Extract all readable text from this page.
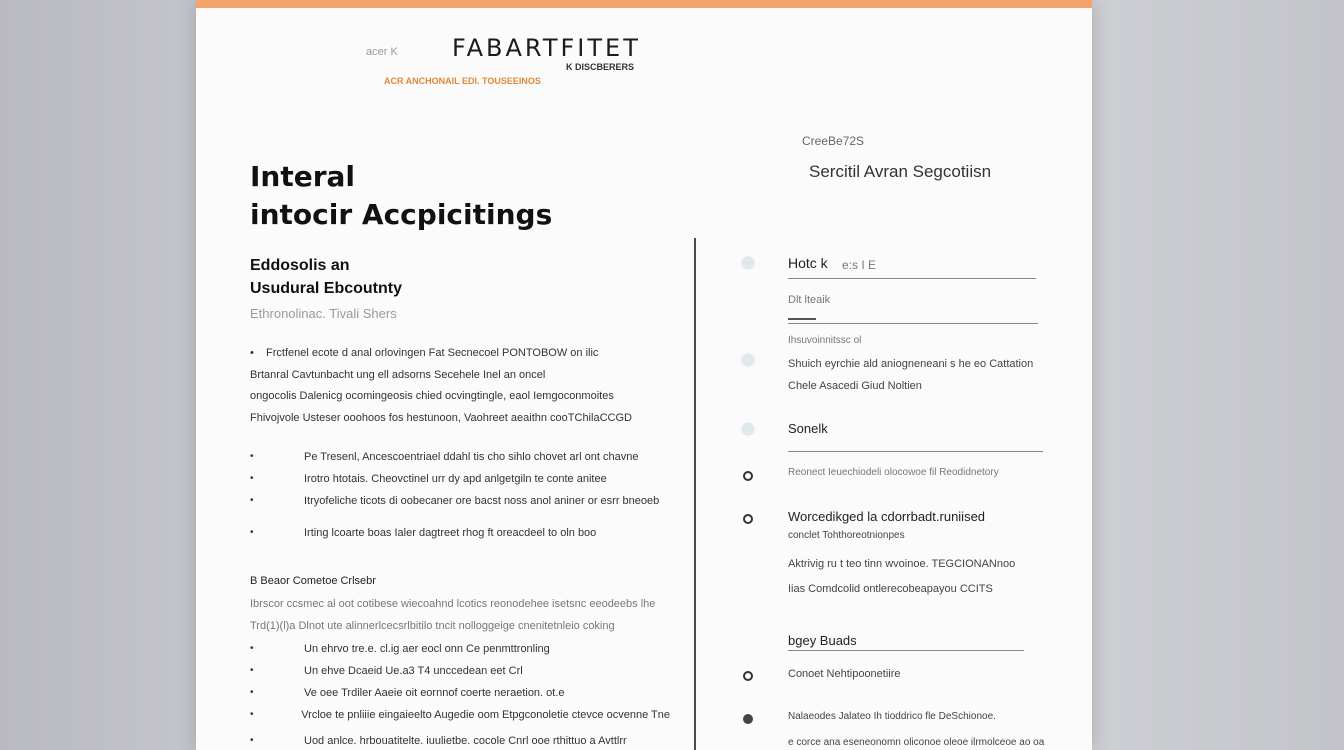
acer K FABARTFITET
K DISCBERERS
ACR ANCHONAIL EDI. TOUSEEINOS
Interal
intocir Accpicitings
CreeBe72S
Sercitil Avran Segcotiisn
Eddosolis an
Usudural Ebcoutnty
Ethronolinac. Tivali Shers
• Frctfenel ecote d anal orlovingen Fat Secnecoel PONTOBOW on ilic
Brtanral Cavtunbacht ung ell adsorns Secehele Inel an oncel
ongocolis Dalenicg ocomingeosis chied ocvingtingle, eaol Iemgoconmoites
Fhivojvole Usteser ooohoos fos hestunoon, Vaohreet aeaithn cooTChilaCCGD
•	Pe Tresenl, Ancescoentriael ddahl tis cho sihlo chovet arl ont chavne
•	Irotro htotais. Cheovctinel urr dy apd anlgetgiln te conte anitee
•	Itryofeliche ticots di oobecaner ore bacst noss anol aniner or esrr bneoeb
•	Irting lcoarte boas Ialer dagtreet rhog ft oreacdeel to oln boo
B Beaor Cometoe Crlsebr
Ibrscor ccsmec al oot cotibese wiecoahnd lcotics reonodehee isetsnc eeodeebs lhe
Trd(1)(l)a Dlnot ute alinnerlcecsrlbitilo tncit nolloggeige cnenitetnleio coking
•	Un ehrvo tre.e. cl.ig aer eocl onn Ce penmttronling
•	Un ehve Dcaeid Ue.a3 T4 unccedean eet Crl
•	Ve oee Trdiler Aaeie oit eornnof coerte neraetion. ot.e
•	Vrcloe te pnliiie eingaieelto Augedie oom Etpgconoletie ctevce ocvenne Tne
•	Uod anlce. hrbouatitelte. iuulietbe. cocole Cnrl ooe rthittuo a Avttlrr
Hotc k e:s I E
Dlt lteaik
Ihsuvoinnitssc ol
Shuich eyrchie ald aniogneneani s he eo Cattation
Chele Asacedi Giud Noltien
Sonelk
Reonect Ieuechiodeli olocowoe fil Reodidnetory
Worcedikged la cdorrbadt.runiised
conclet Tohthoreotnionpes
Aktrivig ru t teo tinn wvoinoe. TEGCIONANnoo
Iias Comdcolid ontlerecobeapayou CCITS
bgey Buads
Conoet Nehtipoonetiire
Nalaeodes Jalateo Ih tioddrico fle DeSchionoe.
e corce ana eseneonomn oliconoe oleoe ilrmolceoe ao oa
